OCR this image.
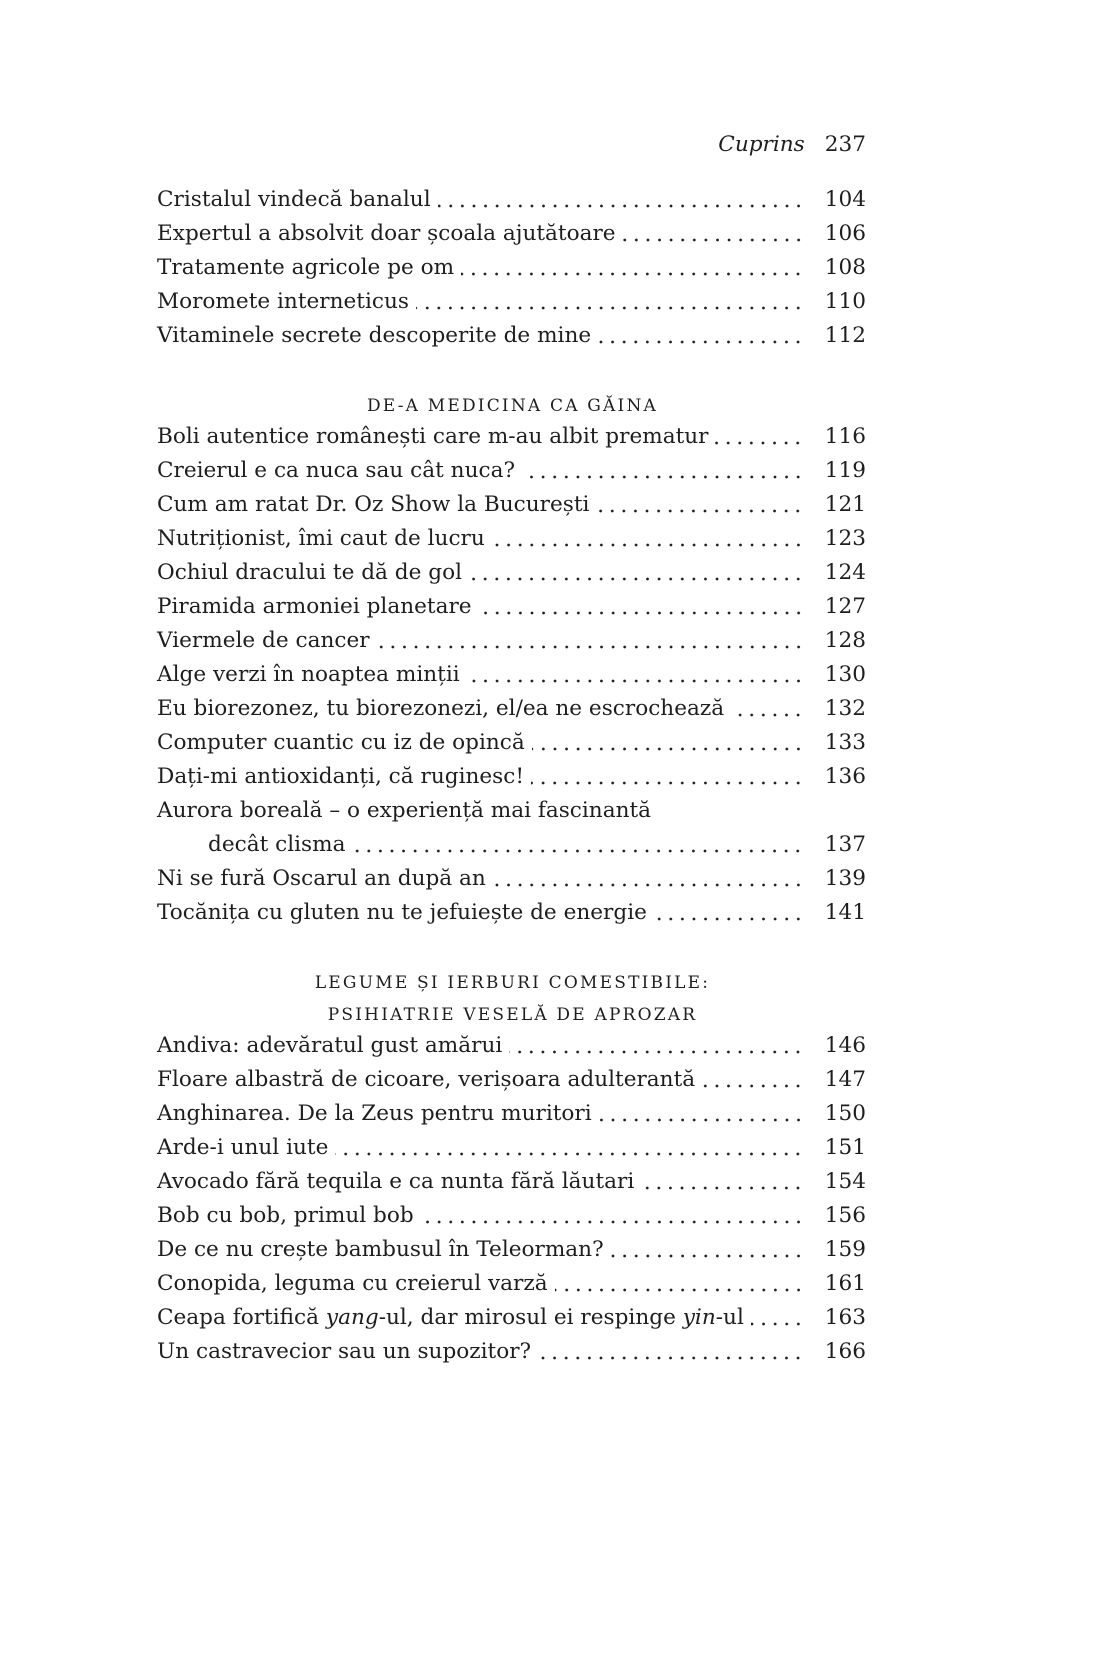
Cuprins 237
Cristalul vindecă banalul	104
Expertul a absolvit doar școala ajutătoare	106
Tratamente agricole pe om	108
Moromete interneticus	110
Vitaminele secrete descoperite de mine	112
DE-A MEDICINA CA GĂINA
Boli autentice românești care m-au albit prematur	116
Creierul e ca nuca sau cât nuca?	119
Cum am ratat Dr. Oz Show la București	121
Nutriționist, îmi caut de lucru	123
Ochiul dracului te dă de gol	124
Piramida armoniei planetare	127
Viermele de cancer	128
Alge verzi în noaptea minții	130
Eu biorezonez, tu biorezonezi, el/ea ne escrochează	132
Computer cuantic cu iz de opincă	133
Dați-mi antioxidanți, că ruginesc!	136
Aurora boreală – o experiență mai fascinantă
decât clisma	137
Ni se fură Oscarul an după an	139
Tocănița cu gluten nu te jefuiește de energie	141
LEGUME ȘI IERBURI COMESTIBILE:
PSIHIATRIE VESELĂ DE APROZAR
Andiva: adevăratul gust amărui	146
Floare albastră de cicoare, verișoara adulterantă	147
Anghinarea. De la Zeus pentru muritori	150
Arde-i unul iute	151
Avocado fără tequila e ca nunta fără lăutari	154
Bob cu bob, primul bob	156
De ce nu crește bambusul în Teleorman?	159
Conopida, leguma cu creierul varză	161
Ceapa fortifică yang-ul, dar mirosul ei respinge yin-ul	163
Un castravecior sau un supozitor?	166
